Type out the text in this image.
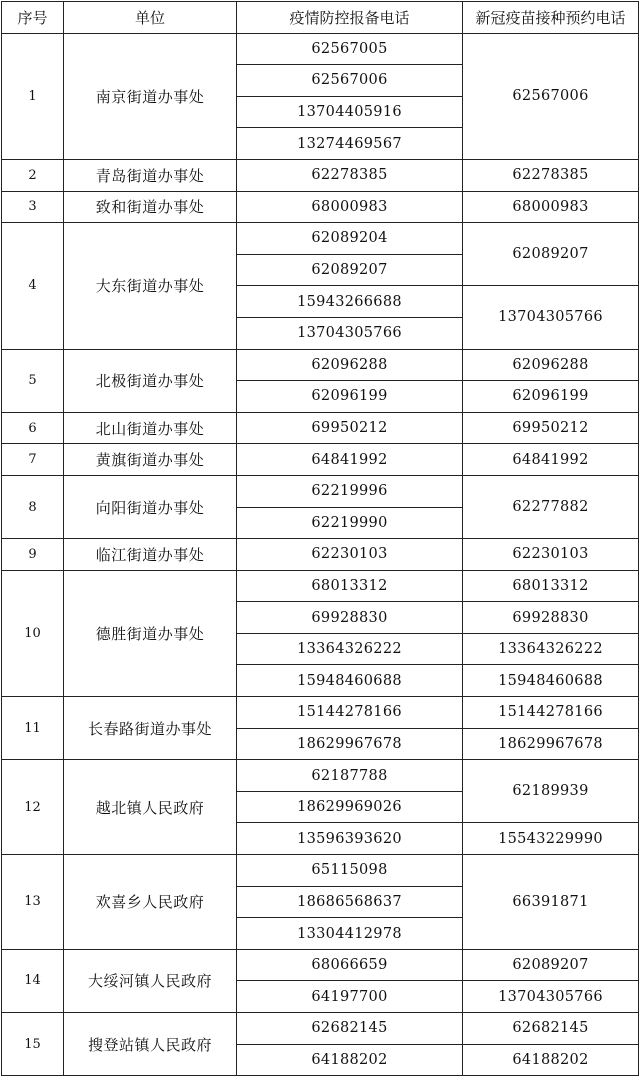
序号	单位	疫情防控报备电话	新冠疫苗接种预约电话
1	南京街道办事处	62567005	62567006
		62567006	
		13704405916	
		13274469567	
2	青岛街道办事处	62278385	62278385
3	致和街道办事处	68000983	68000983
4	大东街道办事处	62089204	62089207
		62089207	
		15943266688	13704305766
		13704305766	
5	北极街道办事处	62096288	62096288
		62096199	62096199
6	北山街道办事处	69950212	69950212
7	黄旗街道办事处	64841992	64841992
8	向阳街道办事处	62219996	62277882
		62219990	
9	临江街道办事处	62230103	62230103
10	德胜街道办事处	68013312	68013312
		69928830	69928830
		13364326222	13364326222
		15948460688	15948460688
11	长春路街道办事处	15144278166	15144278166
		18629967678	18629967678
12	越北镇人民政府	62187788	62189939
		18629969026	
		13596393620	15543229990
13	欢喜乡人民政府	65115098	66391871
		18686568637	
		13304412978	
14	大绥河镇人民政府	68066659	62089207
		64197700	13704305766
15	搜登站镇人民政府	62682145	62682145
		64188202	64188202
